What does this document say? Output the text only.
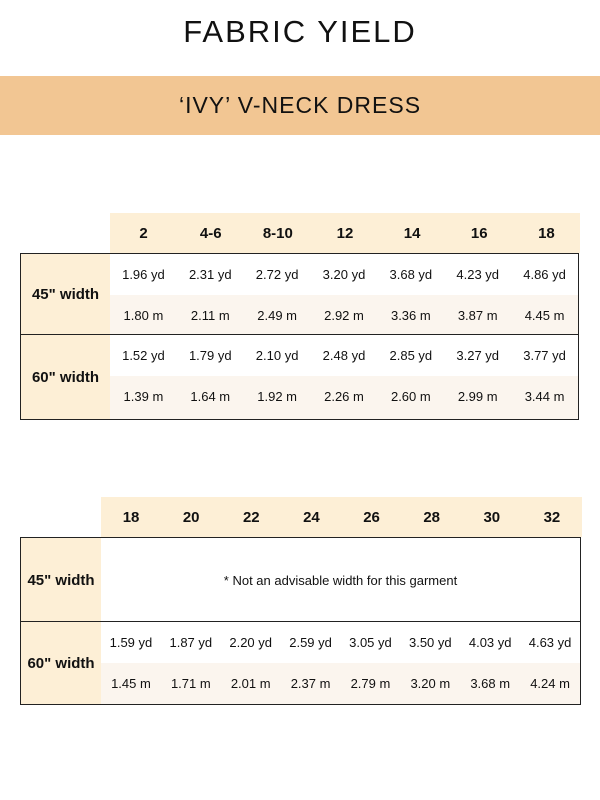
FABRIC YIELD
‘IVY’ V-NECK DRESS
2	4-6	8-10	12	14	16	18
45" width
1.96 yd	2.31 yd	2.72 yd	3.20 yd	3.68 yd	4.23 yd	4.86 yd
1.80 m	2.11 m	2.49 m	2.92 m	3.36 m	3.87 m	4.45 m
60" width
1.52 yd	1.79 yd	2.10 yd	2.48 yd	2.85 yd	3.27 yd	3.77 yd
1.39 m	1.64 m	1.92 m	2.26 m	2.60 m	2.99 m	3.44 m
18	20	22	24	26	28	30	32
45" width	* Not an advisable width for this garment
60" width
1.59 yd	1.87 yd	2.20 yd	2.59 yd	3.05 yd	3.50 yd	4.03 yd	4.63 yd
1.45 m	1.71 m	2.01 m	2.37 m	2.79 m	3.20 m	3.68 m	4.24 m
